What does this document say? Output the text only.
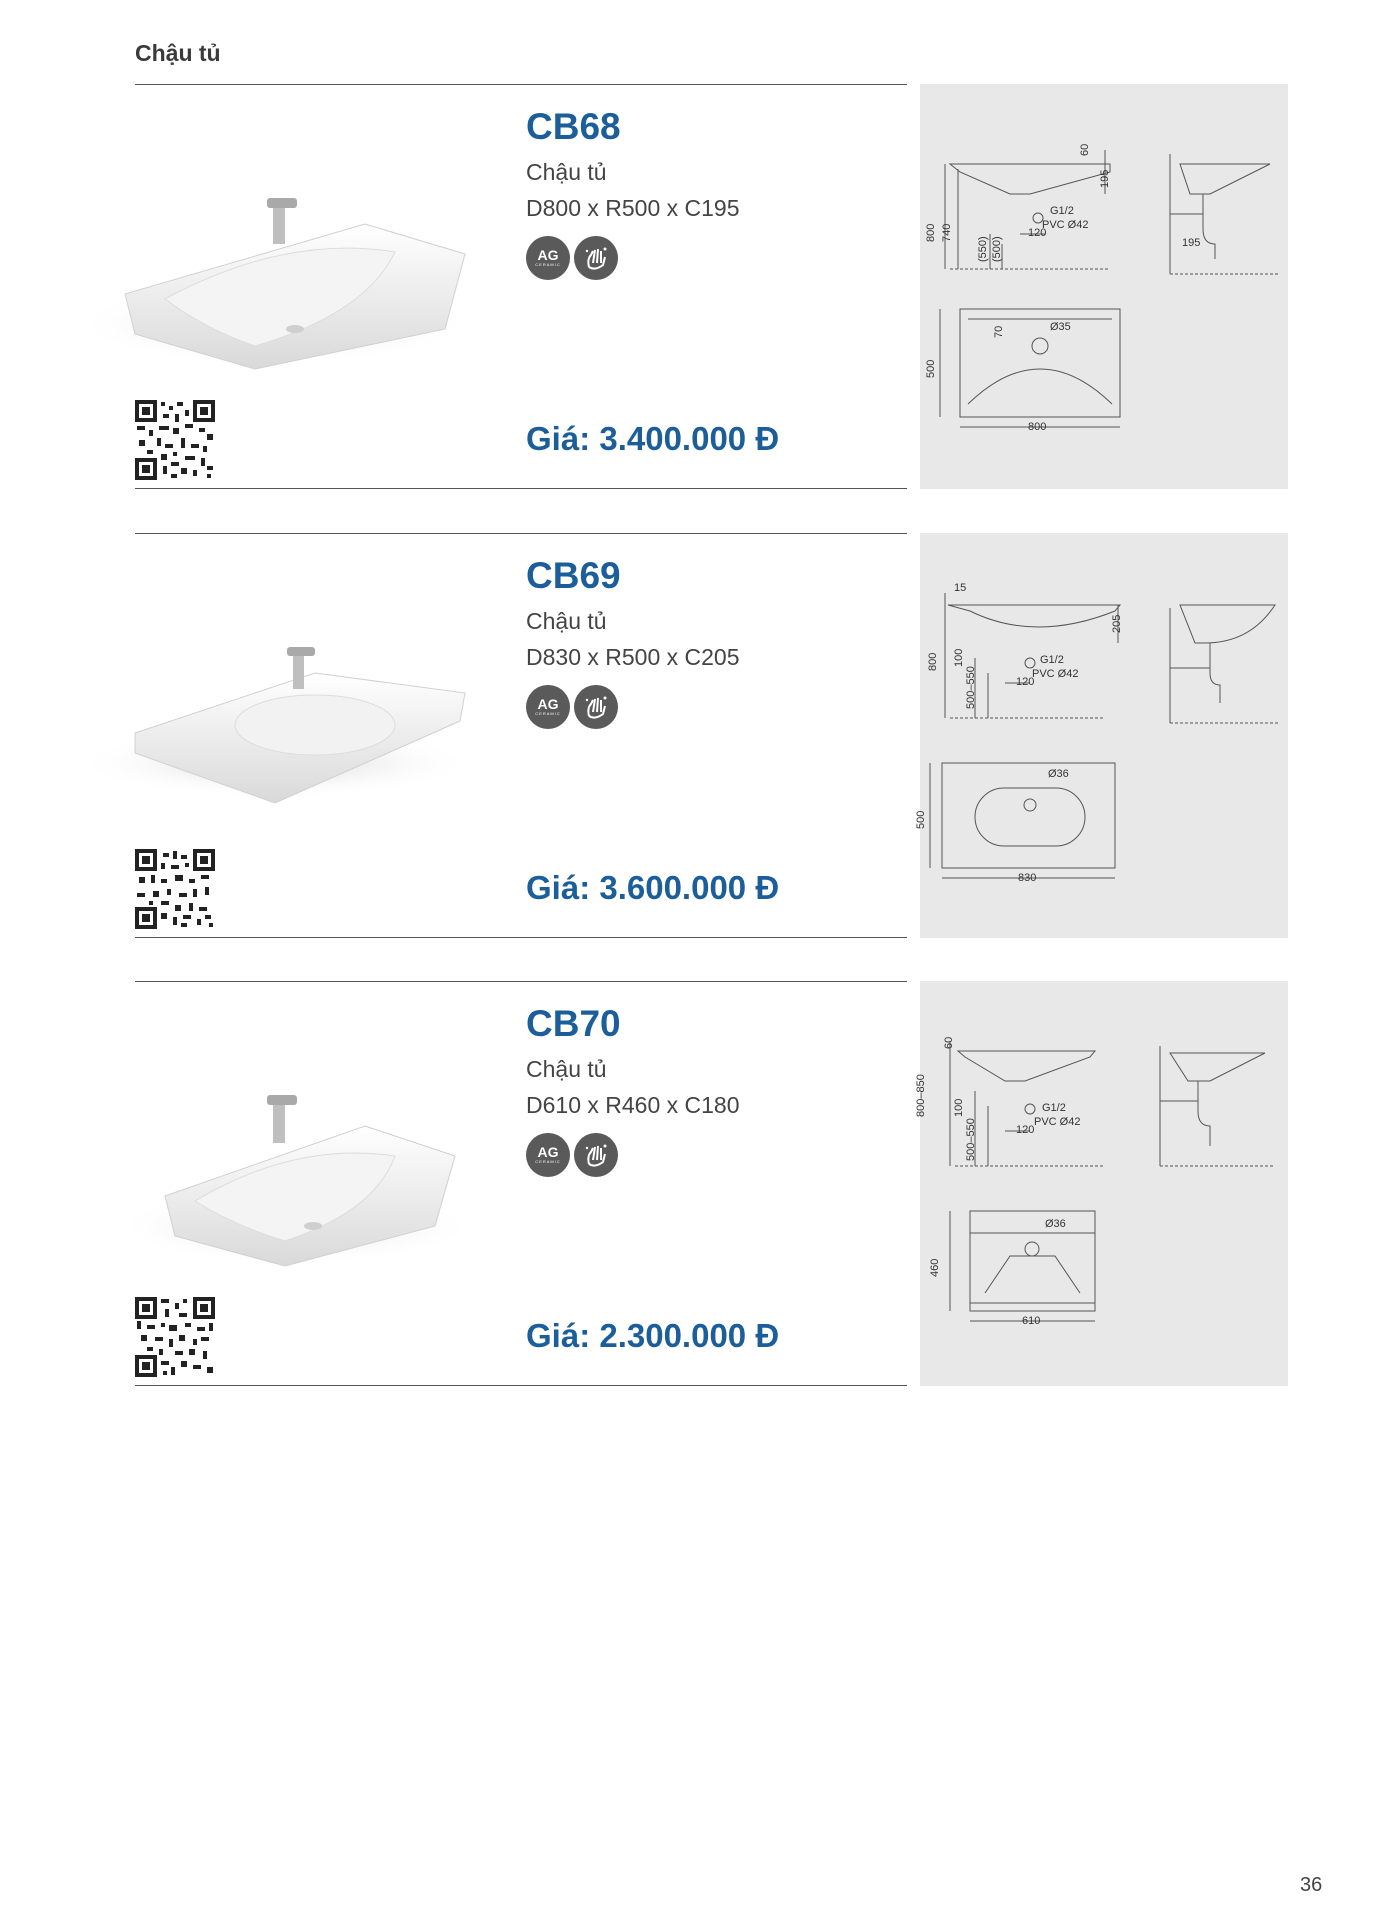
Chậu tủ
CB68
Chậu tủ
D800 x R500 x C195
AG
CERAMIC
Giá: 3.400.000 Đ
800 740
(550) (500)
60
195
120
G1/2
PVC Ø42
195
70	Ø35
800
500
CB69
Chậu tủ
D830 x R500 x C205
AG
CERAMIC
Giá: 3.600.000 Đ
15
800 100
500–550
205
120
G1/2
PVC Ø42
Ø36
830
500
CB70
Chậu tủ
D610 x R460 x C180
AG
CERAMIC
Giá: 2.300.000 Đ
60
800–850 100
500–550	120
G1/2
PVC Ø42
Ø36
610
460
36
